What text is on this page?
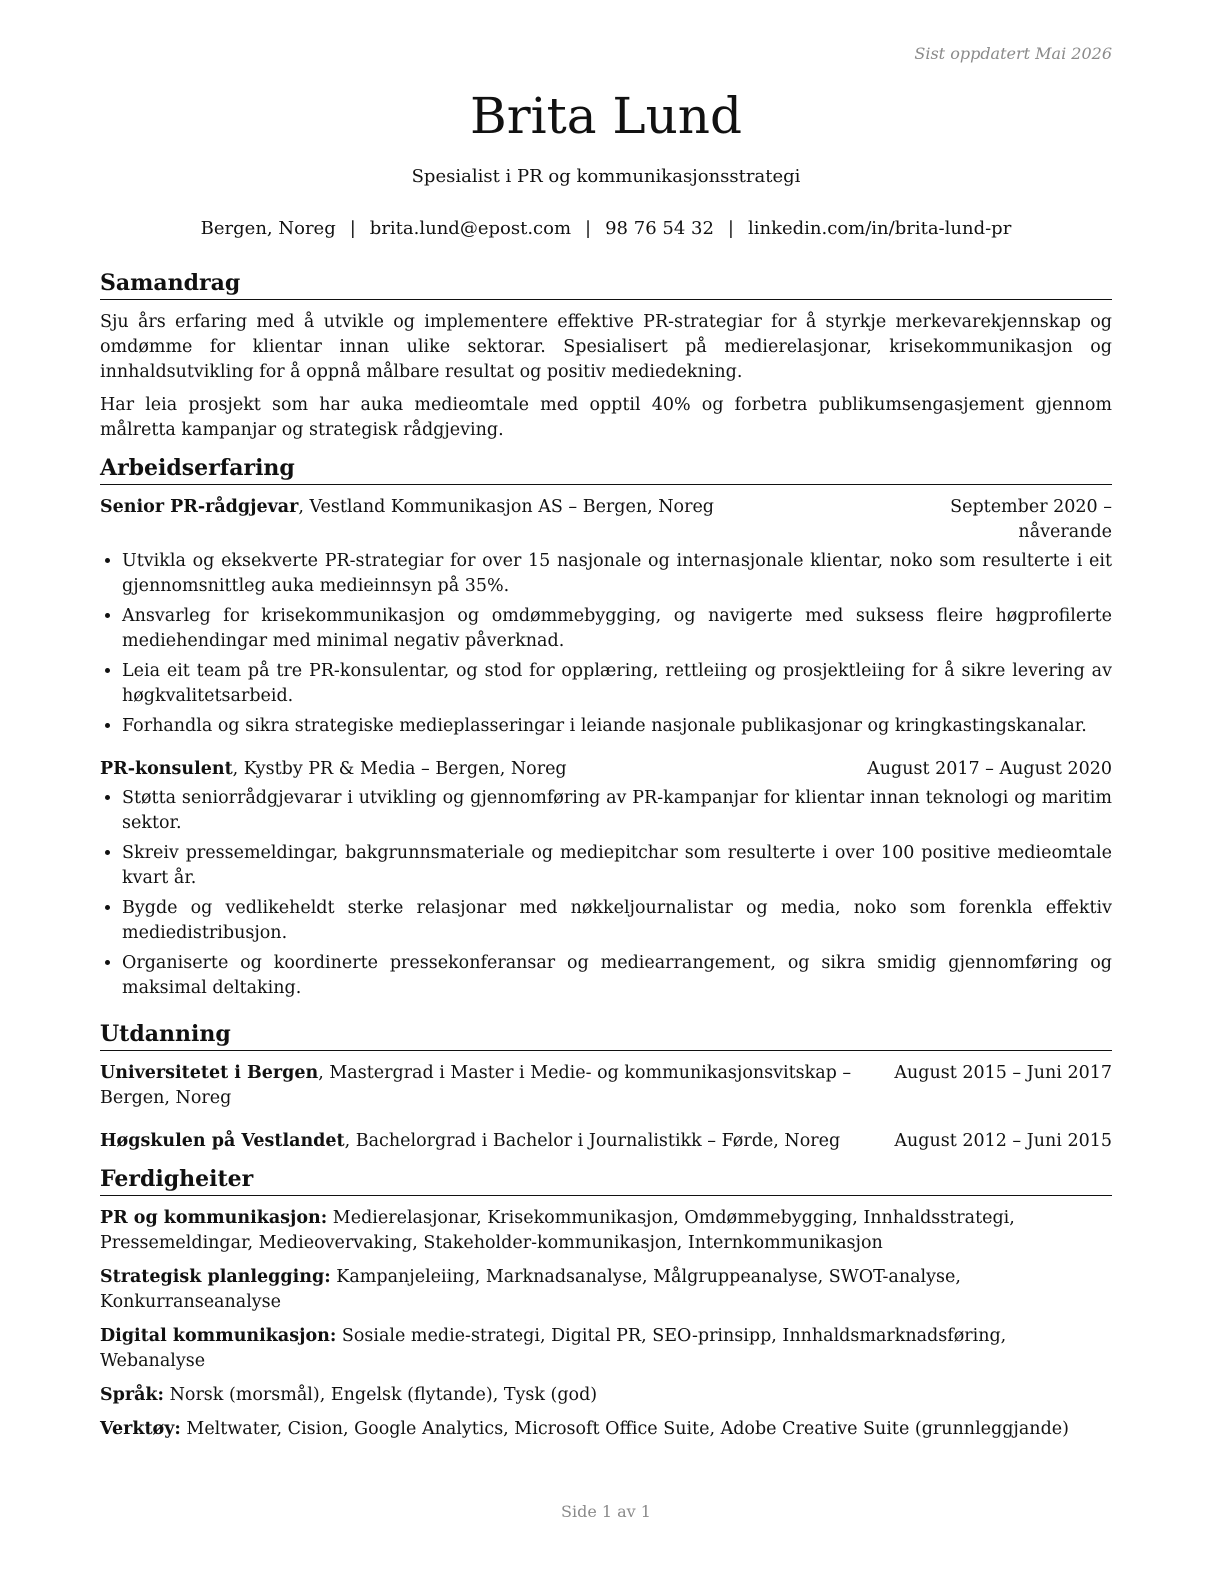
Sist oppdatert Mai 2026
Brita Lund
Spesialist i PR og kommunikasjonsstrategi
Bergen, Noreg | brita.lund@epost.com | 98 76 54 32 | linkedin.com/in/brita-lund-pr
Samandrag

Sju års erfaring med å utvikle og implementere effektive PR-strategiar for å styrkje merkevarekjennskap og omdømme for klientar innan ulike sektorar. Spesialisert på medierelasjonar, krisekommunikasjon og innhaldsutvikling for å oppnå målbare resultat og positiv mediedekning.

Har leia prosjekt som har auka medieomtale med opptil 40% og forbetra publikumsengasjement gjennom målretta kampanjar og strategisk rådgjeving.

Arbeidserfaring
Senior PR-rådgjevar, Vestland Kommunikasjon AS – Bergen, Noreg	September 2020 – nåverande
• Utvikla og eksekverte PR-strategiar for over 15 nasjonale og internasjonale klientar, noko som resulterte i eit gjennomsnittleg auka medieinnsyn på 35%.
• Ansvarleg for krisekommunikasjon og omdømmebygging, og navigerte med suksess fleire høgprofilerte mediehendingar med minimal negativ påverknad.
• Leia eit team på tre PR-konsulentar, og stod for opplæring, rettleiing og prosjektleiing for å sikre levering av høgkvalitetsarbeid.
• Forhandla og sikra strategiske medieplasseringar i leiande nasjonale publikasjonar og kringkastingskanalar.
PR-konsulent, Kystby PR & Media – Bergen, Noreg	August 2017 – August 2020
• Støtta seniorrådgjevarar i utvikling og gjennomføring av PR-kampanjar for klientar innan teknologi og maritim sektor.
• Skreiv pressemeldingar, bakgrunnsmateriale og mediepitchar som resulterte i over 100 positive medieomtale kvart år.
• Bygde og vedlikeheldt sterke relasjonar med nøkkeljournalistar og media, noko som forenkla effektiv mediedistribusjon.
• Organiserte og koordinerte pressekonferansar og mediearrangement, og sikra smidig gjennomføring og maksimal deltaking.
Utdanning
Universitetet i Bergen, Mastergrad i Master i Medie- og kommunikasjonsvitskap – Bergen, Noreg
August 2015 – Juni 2017
Høgskulen på Vestlandet, Bachelorgrad i Bachelor i Journalistikk – Førde, Noreg	August 2012 – Juni 2015
Ferdigheiter
PR og kommunikasjon: Medierelasjonar, Krisekommunikasjon, Omdømmebygging, Innhaldsstrategi, Pressemeldingar, Medieovervaking, Stakeholder-kommunikasjon, Internkommunikasjon
Strategisk planlegging: Kampanjeleiing, Marknadsanalyse, Målgruppeanalyse, SWOT-analyse, Konkurranseanalyse
Digital kommunikasjon: Sosiale medie-strategi, Digital PR, SEO-prinsipp, Innhaldsmarknadsføring, Webanalyse
Språk: Norsk (morsmål), Engelsk (flytande), Tysk (god)
Verktøy: Meltwater, Cision, Google Analytics, Microsoft Office Suite, Adobe Creative Suite (grunnleggjande)
Side 1 av 1
